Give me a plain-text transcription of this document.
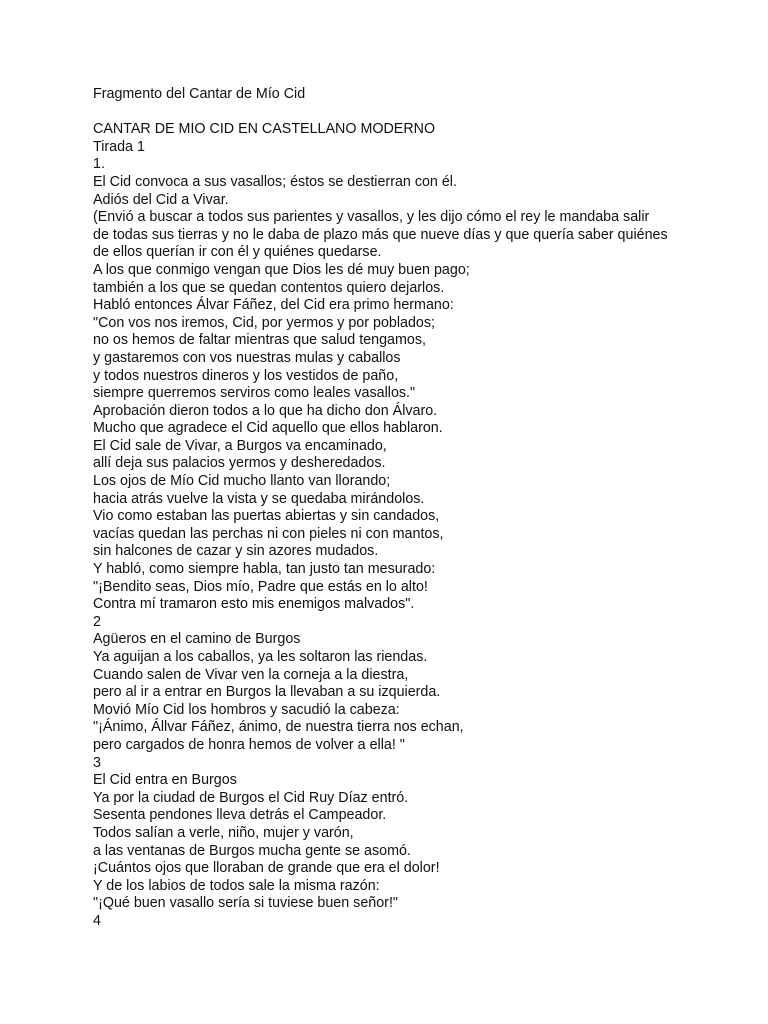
Fragmento del Cantar de Mío Cid
CANTAR DE MIO CID EN CASTELLANO MODERNO
Tirada 1
1.
El Cid convoca a sus vasallos; éstos se destierran con él.
Adiós del Cid a Vivar.
(Envió a buscar a todos sus parientes y vasallos, y les dijo cómo el rey le mandaba salir
de todas sus tierras y no le daba de plazo más que nueve días y que quería saber quiénes
de ellos querían ir con él y quiénes quedarse.
A los que conmigo vengan que Dios les dé muy buen pago;
también a los que se quedan contentos quiero dejarlos.
Habló entonces Álvar Fáñez, del Cid era primo hermano:
"Con vos nos iremos, Cid, por yermos y por poblados;
no os hemos de faltar mientras que salud tengamos,
y gastaremos con vos nuestras mulas y caballos
y todos nuestros dineros y los vestidos de paño,
siempre querremos serviros como leales vasallos."
Aprobación dieron todos a lo que ha dicho don Álvaro.
Mucho que agradece el Cid aquello que ellos hablaron.
El Cid sale de Vivar, a Burgos va encaminado,
allí deja sus palacios yermos y desheredados.
Los ojos de Mío Cid mucho llanto van llorando;
hacia atrás vuelve la vista y se quedaba mirándolos.
Vio como estaban las puertas abiertas y sin candados,
vacías quedan las perchas ni con pieles ni con mantos,
sin halcones de cazar y sin azores mudados.
Y habló, como siempre habla, tan justo tan mesurado:
"¡Bendito seas, Dios mío, Padre que estás en lo alto!
Contra mí tramaron esto mis enemigos malvados".
2
Agüeros en el camino de Burgos
Ya aguijan a los caballos, ya les soltaron las riendas.
Cuando salen de Vivar ven la corneja a la diestra,
pero al ir a entrar en Burgos la llevaban a su izquierda.
Movió Mío Cid los hombros y sacudió la cabeza:
"¡Ánimo, Állvar Fáñez, ánimo, de nuestra tierra nos echan,
pero cargados de honra hemos de volver a ella! "
3
El Cid entra en Burgos
Ya por la ciudad de Burgos el Cid Ruy Díaz entró.
Sesenta pendones lleva detrás el Campeador.
Todos salían a verle, niño, mujer y varón,
a las ventanas de Burgos mucha gente se asomó.
¡Cuántos ojos que lloraban de grande que era el dolor!
Y de los labios de todos sale la misma razón:
"¡Qué buen vasallo sería si tuviese buen señor!"
4
